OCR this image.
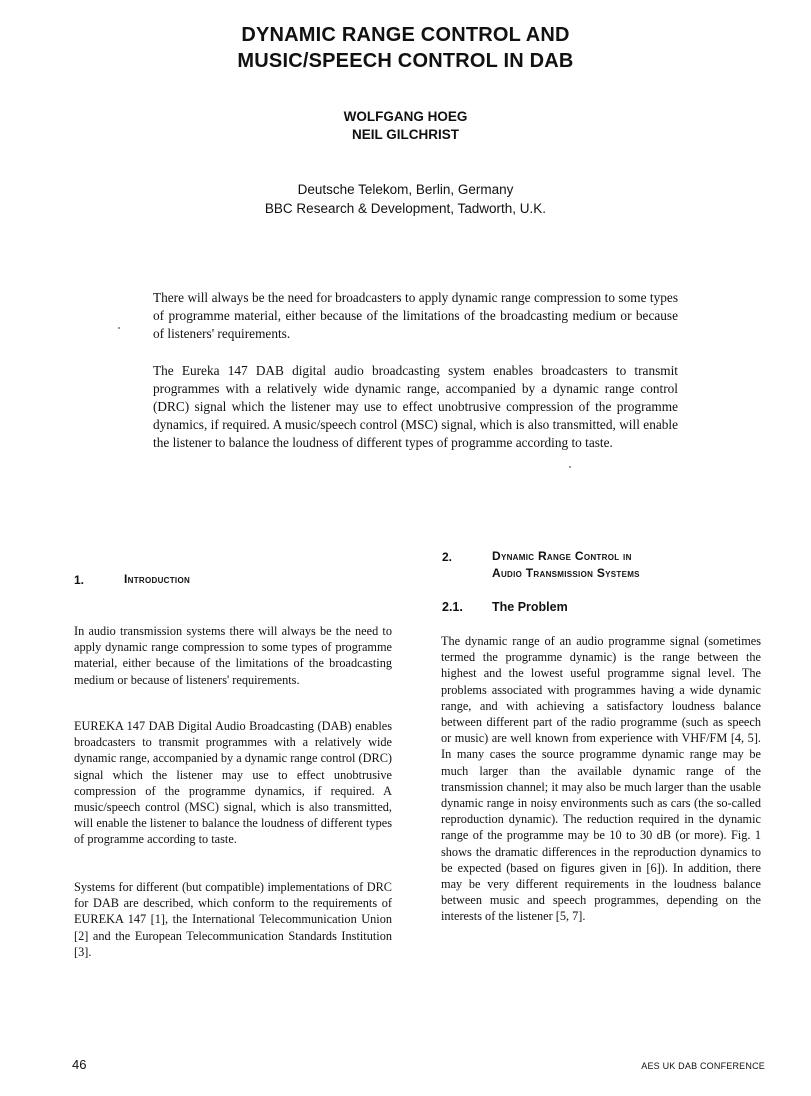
DYNAMIC RANGE CONTROL AND
MUSIC/SPEECH CONTROL IN DAB
WOLFGANG HOEG
NEIL GILCHRIST
Deutsche Telekom, Berlin, Germany
BBC Research & Development, Tadworth, U.K.

There will always be the need for broadcasters to apply dynamic range compression to some types of programme material, either because of the limitations of the broadcasting medium or because of listeners' requirements.

The Eureka 147 DAB digital audio broadcasting system enables broadcasters to transmit programmes with a relatively wide dynamic range, accompanied by a dynamic range control (DRC) signal which the listener may use to effect unobtrusive compression of the programme dynamics, if required. A music/speech control (MSC) signal, which is also transmitted, will enable the listener to balance the loudness of different types of programme according to taste.

1.	Introduction

In audio transmission systems there will always be the need to apply dynamic range compression to some types of programme material, either because of the limitations of the broadcasting medium or because of listeners' requirements.

EUREKA 147 DAB Digital Audio Broadcasting (DAB) enables broadcasters to transmit programmes with a relatively wide dynamic range, accompanied by a dynamic range control (DRC) signal which the listener may use to effect unobtrusive compression of the programme dynamics, if required. A music/speech control (MSC) signal, which is also transmitted, will enable the listener to balance the loudness of different types of programme according to taste.

Systems for different (but compatible) implementations of DRC for DAB are described, which conform to the requirements of EUREKA 147 [1], the International Telecommunication Union [2] and the European Telecommunication Standards Institution [3].

2.	Dynamic Range Control in
Audio Transmission Systems
2.1. The Problem

The dynamic range of an audio programme signal (sometimes termed the programme dynamic) is the range between the highest and the lowest useful programme signal level. The problems associated with programmes having a wide dynamic range, and with achieving a satisfactory loudness balance between different part of the radio programme (such as speech or music) are well known from experience with VHF/FM [4, 5]. In many cases the source programme dynamic range may be much larger than the available dynamic range of the transmission channel; it may also be much larger than the usable dynamic range in noisy environments such as cars (the so-called reproduction dynamic). The reduction required in the dynamic range of the programme may be 10 to 30 dB (or more). Fig. 1 shows the dramatic differences in the reproduction dynamics to be expected (based on figures given in [6]). In addition, there may be very different requirements in the loudness balance between music and speech programmes, depending on the interests of the listener [5, 7].

46	AES UK DAB CONFERENCE
